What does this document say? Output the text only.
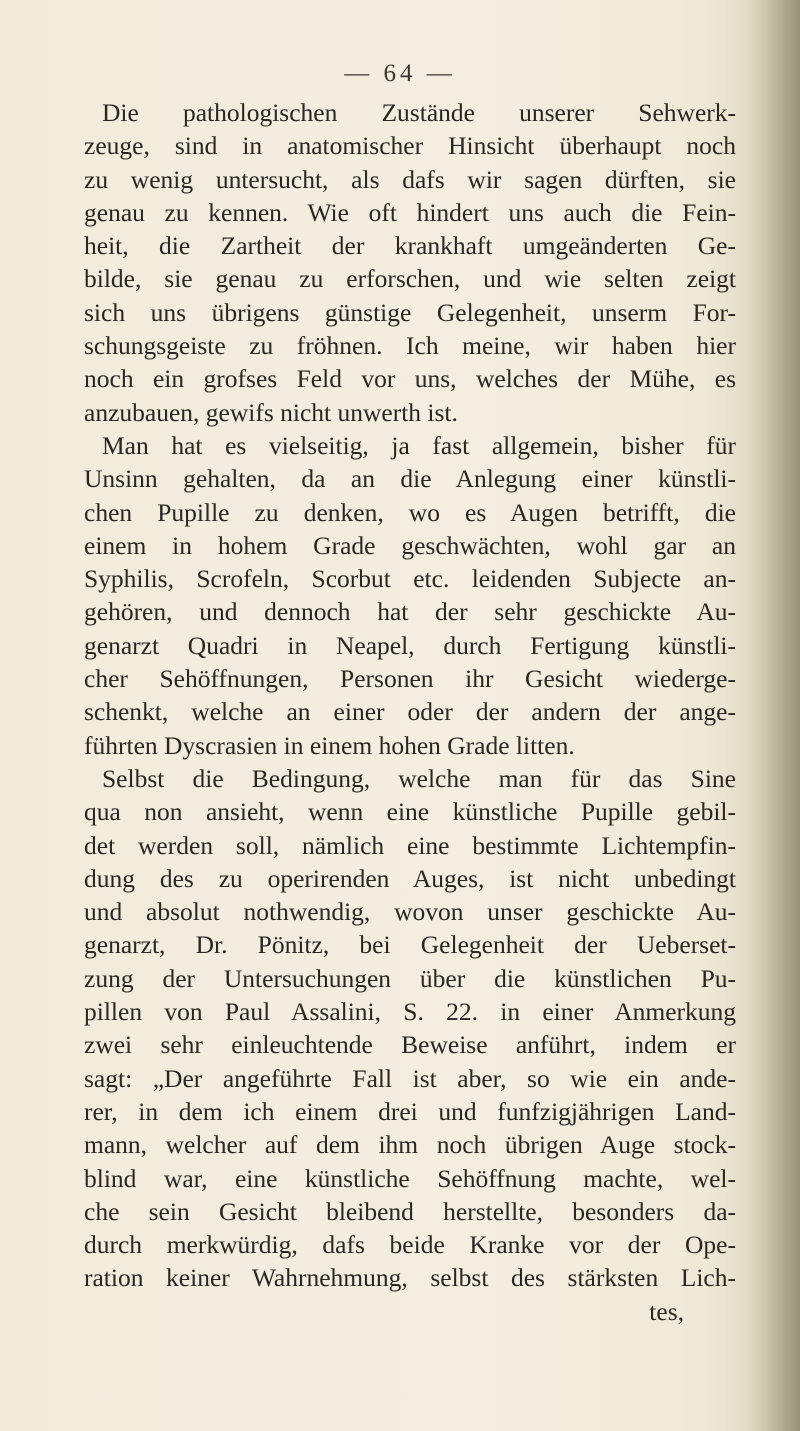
— 64 —
Die pathologischen Zustände unserer Sehwerk-
zeuge, sind in anatomischer Hinsicht überhaupt noch
zu wenig untersucht, als dafs wir sagen dürften, sie
genau zu kennen. Wie oft hindert uns auch die Fein-
heit, die Zartheit der krankhaft umgeänderten Ge-
bilde, sie genau zu erforschen, und wie selten zeigt
sich uns übrigens günstige Gelegenheit, unserm For-
schungsgeiste zu fröhnen. Ich meine, wir haben hier
noch ein grofses Feld vor uns, welches der Mühe, es
anzubauen, gewifs nicht unwerth ist.
Man hat es vielseitig, ja fast allgemein, bisher für
Unsinn gehalten, da an die Anlegung einer künstli-
chen Pupille zu denken, wo es Augen betrifft, die
einem in hohem Grade geschwächten, wohl gar an
Syphilis, Scrofeln, Scorbut etc. leidenden Subjecte an-
gehören, und dennoch hat der sehr geschickte Au-
genarzt Quadri in Neapel, durch Fertigung künstli-
cher Sehöffnungen, Personen ihr Gesicht wiederge-
schenkt, welche an einer oder der andern der ange-
führten Dyscrasien in einem hohen Grade litten.
Selbst die Bedingung, welche man für das Sine
qua non ansieht, wenn eine künstliche Pupille gebil-
det werden soll, nämlich eine bestimmte Lichtempfin-
dung des zu operirenden Auges, ist nicht unbedingt
und absolut nothwendig, wovon unser geschickte Au-
genarzt, Dr. Pönitz, bei Gelegenheit der Ueberset-
zung der Untersuchungen über die künstlichen Pu-
pillen von Paul Assalini, S. 22. in einer Anmerkung
zwei sehr einleuchtende Beweise anführt, indem er
sagt: „Der angeführte Fall ist aber, so wie ein ande-
rer, in dem ich einem drei und funfzigjährigen Land-
mann, welcher auf dem ihm noch übrigen Auge stock-
blind war, eine künstliche Sehöffnung machte, wel-
che sein Gesicht bleibend herstellte, besonders da-
durch merkwürdig, dafs beide Kranke vor der Ope-
ration keiner Wahrnehmung, selbst des stärksten Lich-
tes,
